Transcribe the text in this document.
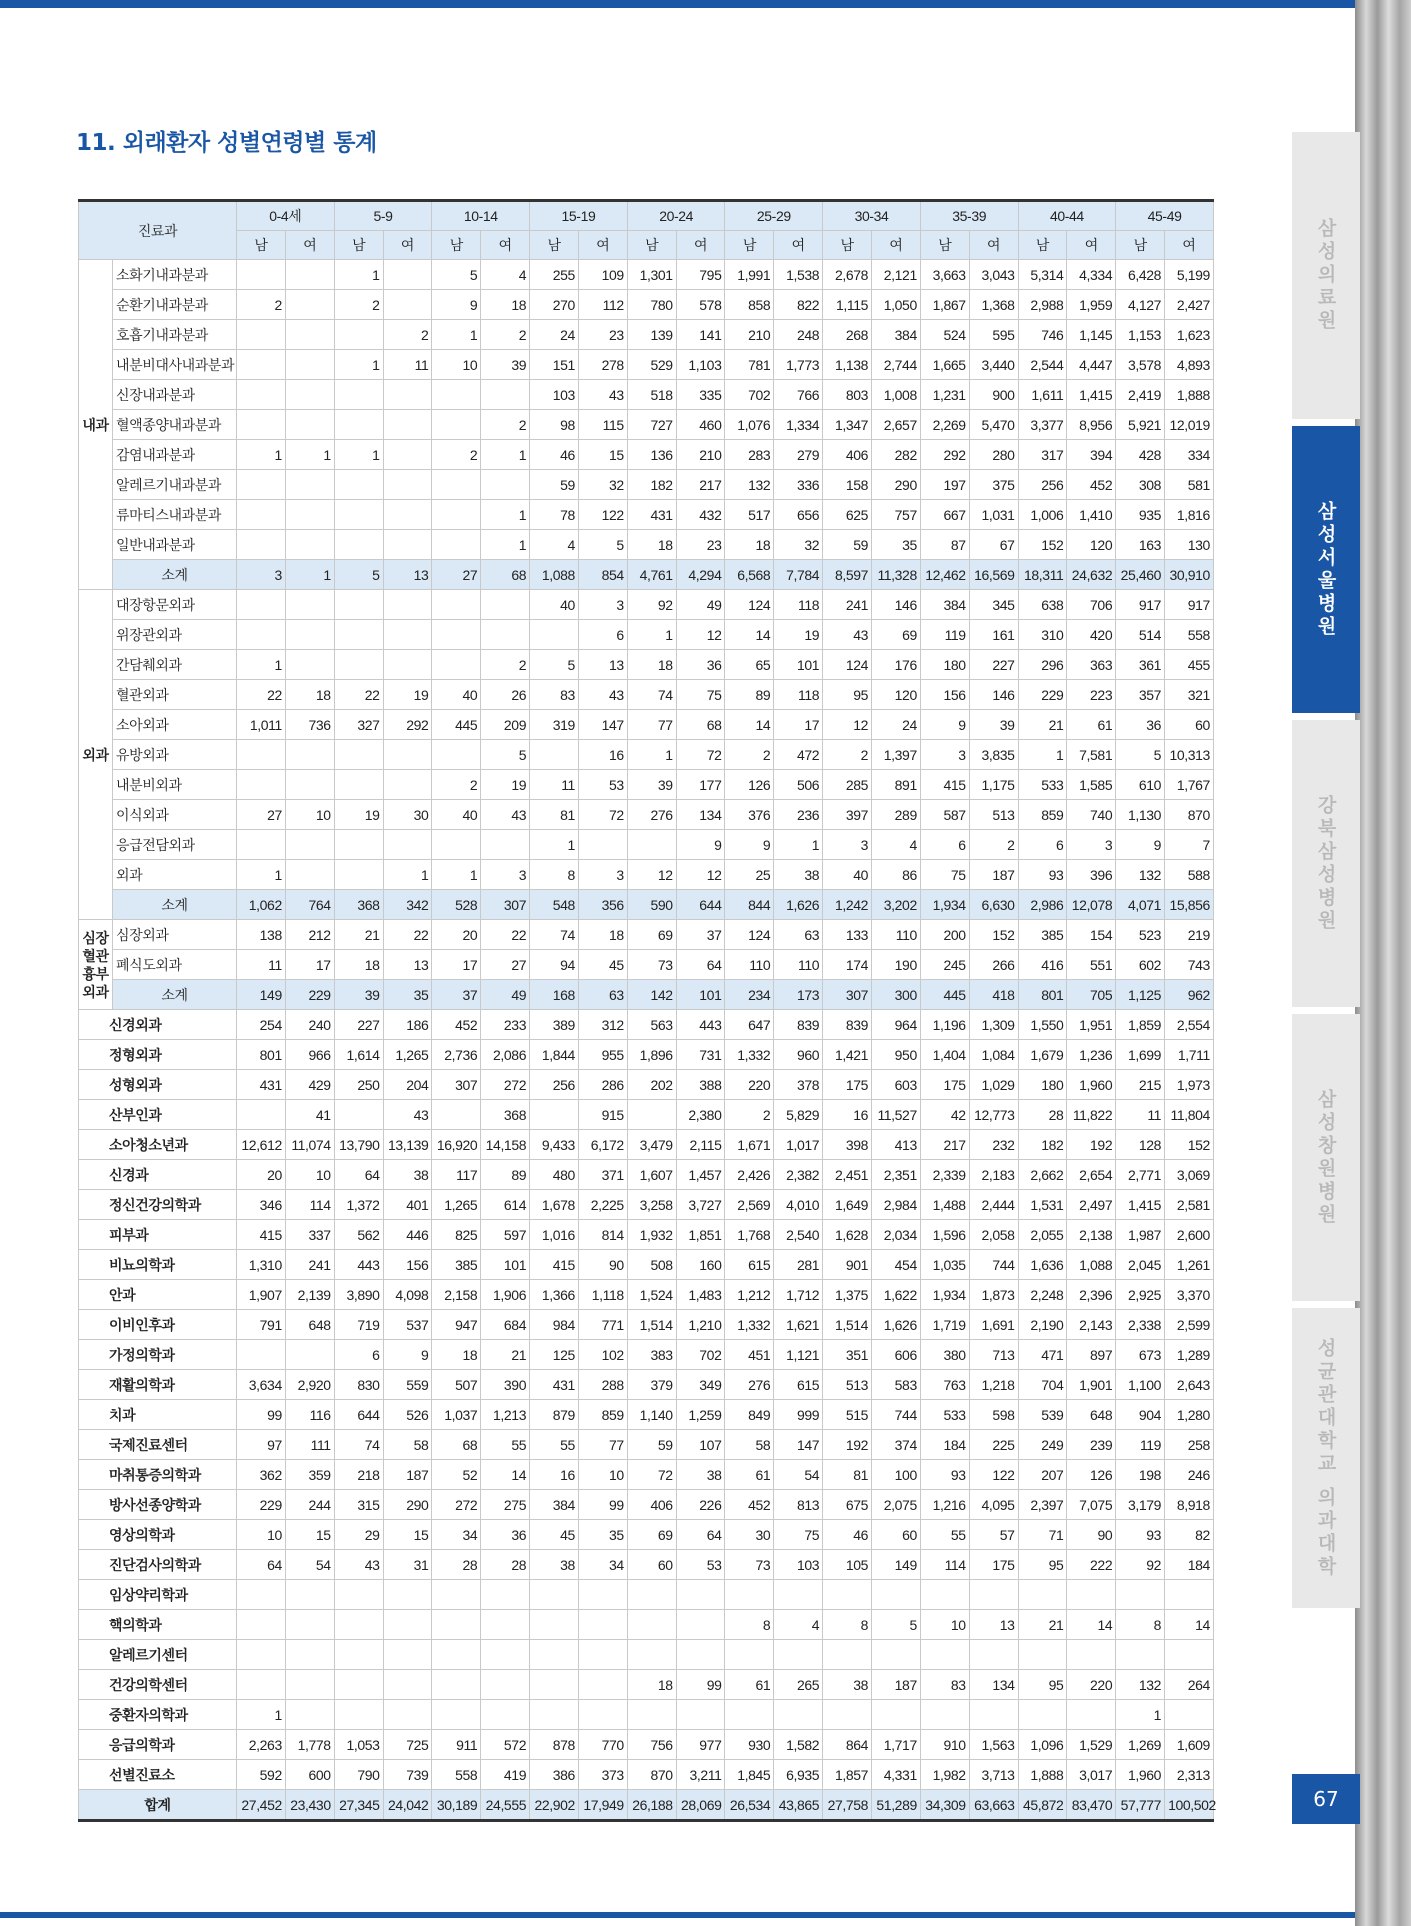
11. 외래환자 성별연령별 통계
삼성의료원
삼성서울병원
강북삼성병원
삼성창원병원
성균관대학교 의과대학
67
진료과		0-4세		5-9		10-14		15-19		20-24		25-29		30-34		35-39		40-44		45-49	
		남	여	남	여	남	여	남	여	남	여	남	여	남	여	남	여	남	여	남	여
내과	소화기내과분과			1		5	4	255	109	1,301	795	1,991	1,538	2,678	2,121	3,663	3,043	5,314	4,334	6,428	5,199
	순환기내과분과	2		2		9	18	270	112	780	578	858	822	1,115	1,050	1,867	1,368	2,988	1,959	4,127	2,427
	호흡기내과분과				2	1	2	24	23	139	141	210	248	268	384	524	595	746	1,145	1,153	1,623
	내분비대사내과분과			1	11	10	39	151	278	529	1,103	781	1,773	1,138	2,744	1,665	3,440	2,544	4,447	3,578	4,893
	신장내과분과							103	43	518	335	702	766	803	1,008	1,231	900	1,611	1,415	2,419	1,888
	혈액종양내과분과						2	98	115	727	460	1,076	1,334	1,347	2,657	2,269	5,470	3,377	8,956	5,921	12,019
	감염내과분과	1	1	1		2	1	46	15	136	210	283	279	406	282	292	280	317	394	428	334
	알레르기내과분과							59	32	182	217	132	336	158	290	197	375	256	452	308	581
	류마티스내과분과						1	78	122	431	432	517	656	625	757	667	1,031	1,006	1,410	935	1,816
	일반내과분과						1	4	5	18	23	18	32	59	35	87	67	152	120	163	130
	소계	3	1	5	13	27	68	1,088	854	4,761	4,294	6,568	7,784	8,597	11,328	12,462	16,569	18,311	24,632	25,460	30,910
외과	대장항문외과							40	3	92	49	124	118	241	146	384	345	638	706	917	917
	위장관외과								6	1	12	14	19	43	69	119	161	310	420	514	558
	간담췌외과	1					2	5	13	18	36	65	101	124	176	180	227	296	363	361	455
	혈관외과	22	18	22	19	40	26	83	43	74	75	89	118	95	120	156	146	229	223	357	321
	소아외과	1,011	736	327	292	445	209	319	147	77	68	14	17	12	24	9	39	21	61	36	60
	유방외과						5		16	1	72	2	472	2	1,397	3	3,835	1	7,581	5	10,313
	내분비외과					2	19	11	53	39	177	126	506	285	891	415	1,175	533	1,585	610	1,767
	이식외과	27	10	19	30	40	43	81	72	276	134	376	236	397	289	587	513	859	740	1,130	870
	응급전담외과							1			9	9	1	3	4	6	2	6	3	9	7
	외과	1			1	1	3	8	3	12	12	25	38	40	86	75	187	93	396	132	588
	소계	1,062	764	368	342	528	307	548	356	590	644	844	1,626	1,242	3,202	1,934	6,630	2,986	12,078	4,071	15,856

심장
혈관
흉부
외과	심장외과	138	212	21	22	20	22	74	18	69	37	124	63	133	110	200	152	385	154	523	219
	폐식도외과	11	17	18	13	17	27	94	45	73	64	110	110	174	190	245	266	416	551	602	743
	소계	149	229	39	35	37	49	168	63	142	101	234	173	307	300	445	418	801	705	1,125	962
신경외과		254	240	227	186	452	233	389	312	563	443	647	839	839	964	1,196	1,309	1,550	1,951	1,859	2,554
정형외과		801	966	1,614	1,265	2,736	2,086	1,844	955	1,896	731	1,332	960	1,421	950	1,404	1,084	1,679	1,236	1,699	1,711
성형외과		431	429	250	204	307	272	256	286	202	388	220	378	175	603	175	1,029	180	1,960	215	1,973
산부인과			41		43		368		915		2,380	2	5,829	16	11,527	42	12,773	28	11,822	11	11,804
소아청소년과		12,612	11,074	13,790	13,139	16,920	14,158	9,433	6,172	3,479	2,115	1,671	1,017	398	413	217	232	182	192	128	152
신경과		20	10	64	38	117	89	480	371	1,607	1,457	2,426	2,382	2,451	2,351	2,339	2,183	2,662	2,654	2,771	3,069
정신건강의학과		346	114	1,372	401	1,265	614	1,678	2,225	3,258	3,727	2,569	4,010	1,649	2,984	1,488	2,444	1,531	2,497	1,415	2,581
피부과		415	337	562	446	825	597	1,016	814	1,932	1,851	1,768	2,540	1,628	2,034	1,596	2,058	2,055	2,138	1,987	2,600
비뇨의학과		1,310	241	443	156	385	101	415	90	508	160	615	281	901	454	1,035	744	1,636	1,088	2,045	1,261
안과		1,907	2,139	3,890	4,098	2,158	1,906	1,366	1,118	1,524	1,483	1,212	1,712	1,375	1,622	1,934	1,873	2,248	2,396	2,925	3,370
이비인후과		791	648	719	537	947	684	984	771	1,514	1,210	1,332	1,621	1,514	1,626	1,719	1,691	2,190	2,143	2,338	2,599
가정의학과				6	9	18	21	125	102	383	702	451	1,121	351	606	380	713	471	897	673	1,289
재활의학과		3,634	2,920	830	559	507	390	431	288	379	349	276	615	513	583	763	1,218	704	1,901	1,100	2,643
치과		99	116	644	526	1,037	1,213	879	859	1,140	1,259	849	999	515	744	533	598	539	648	904	1,280
국제진료센터		97	111	74	58	68	55	55	77	59	107	58	147	192	374	184	225	249	239	119	258
마취통증의학과		362	359	218	187	52	14	16	10	72	38	61	54	81	100	93	122	207	126	198	246
방사선종양학과		229	244	315	290	272	275	384	99	406	226	452	813	675	2,075	1,216	4,095	2,397	7,075	3,179	8,918
영상의학과		10	15	29	15	34	36	45	35	69	64	30	75	46	60	55	57	71	90	93	82
진단검사의학과		64	54	43	31	28	28	38	34	60	53	73	103	105	149	114	175	95	222	92	184
임상약리학과																					
핵의학과												8	4	8	5	10	13	21	14	8	14
알레르기센터																					
건강의학센터										18	99	61	265	38	187	83	134	95	220	132	264
중환자의학과		1																		1	
응급의학과		2,263	1,778	1,053	725	911	572	878	770	756	977	930	1,582	864	1,717	910	1,563	1,096	1,529	1,269	1,609
선별진료소		592	600	790	739	558	419	386	373	870	3,211	1,845	6,935	1,857	4,331	1,982	3,713	1,888	3,017	1,960	2,313
합계		27,452	23,430	27,345	24,042	30,189	24,555	22,902	17,949	26,188	28,069	26,534	43,865	27,758	51,289	34,309	63,663	45,872	83,470	57,777	100,502
